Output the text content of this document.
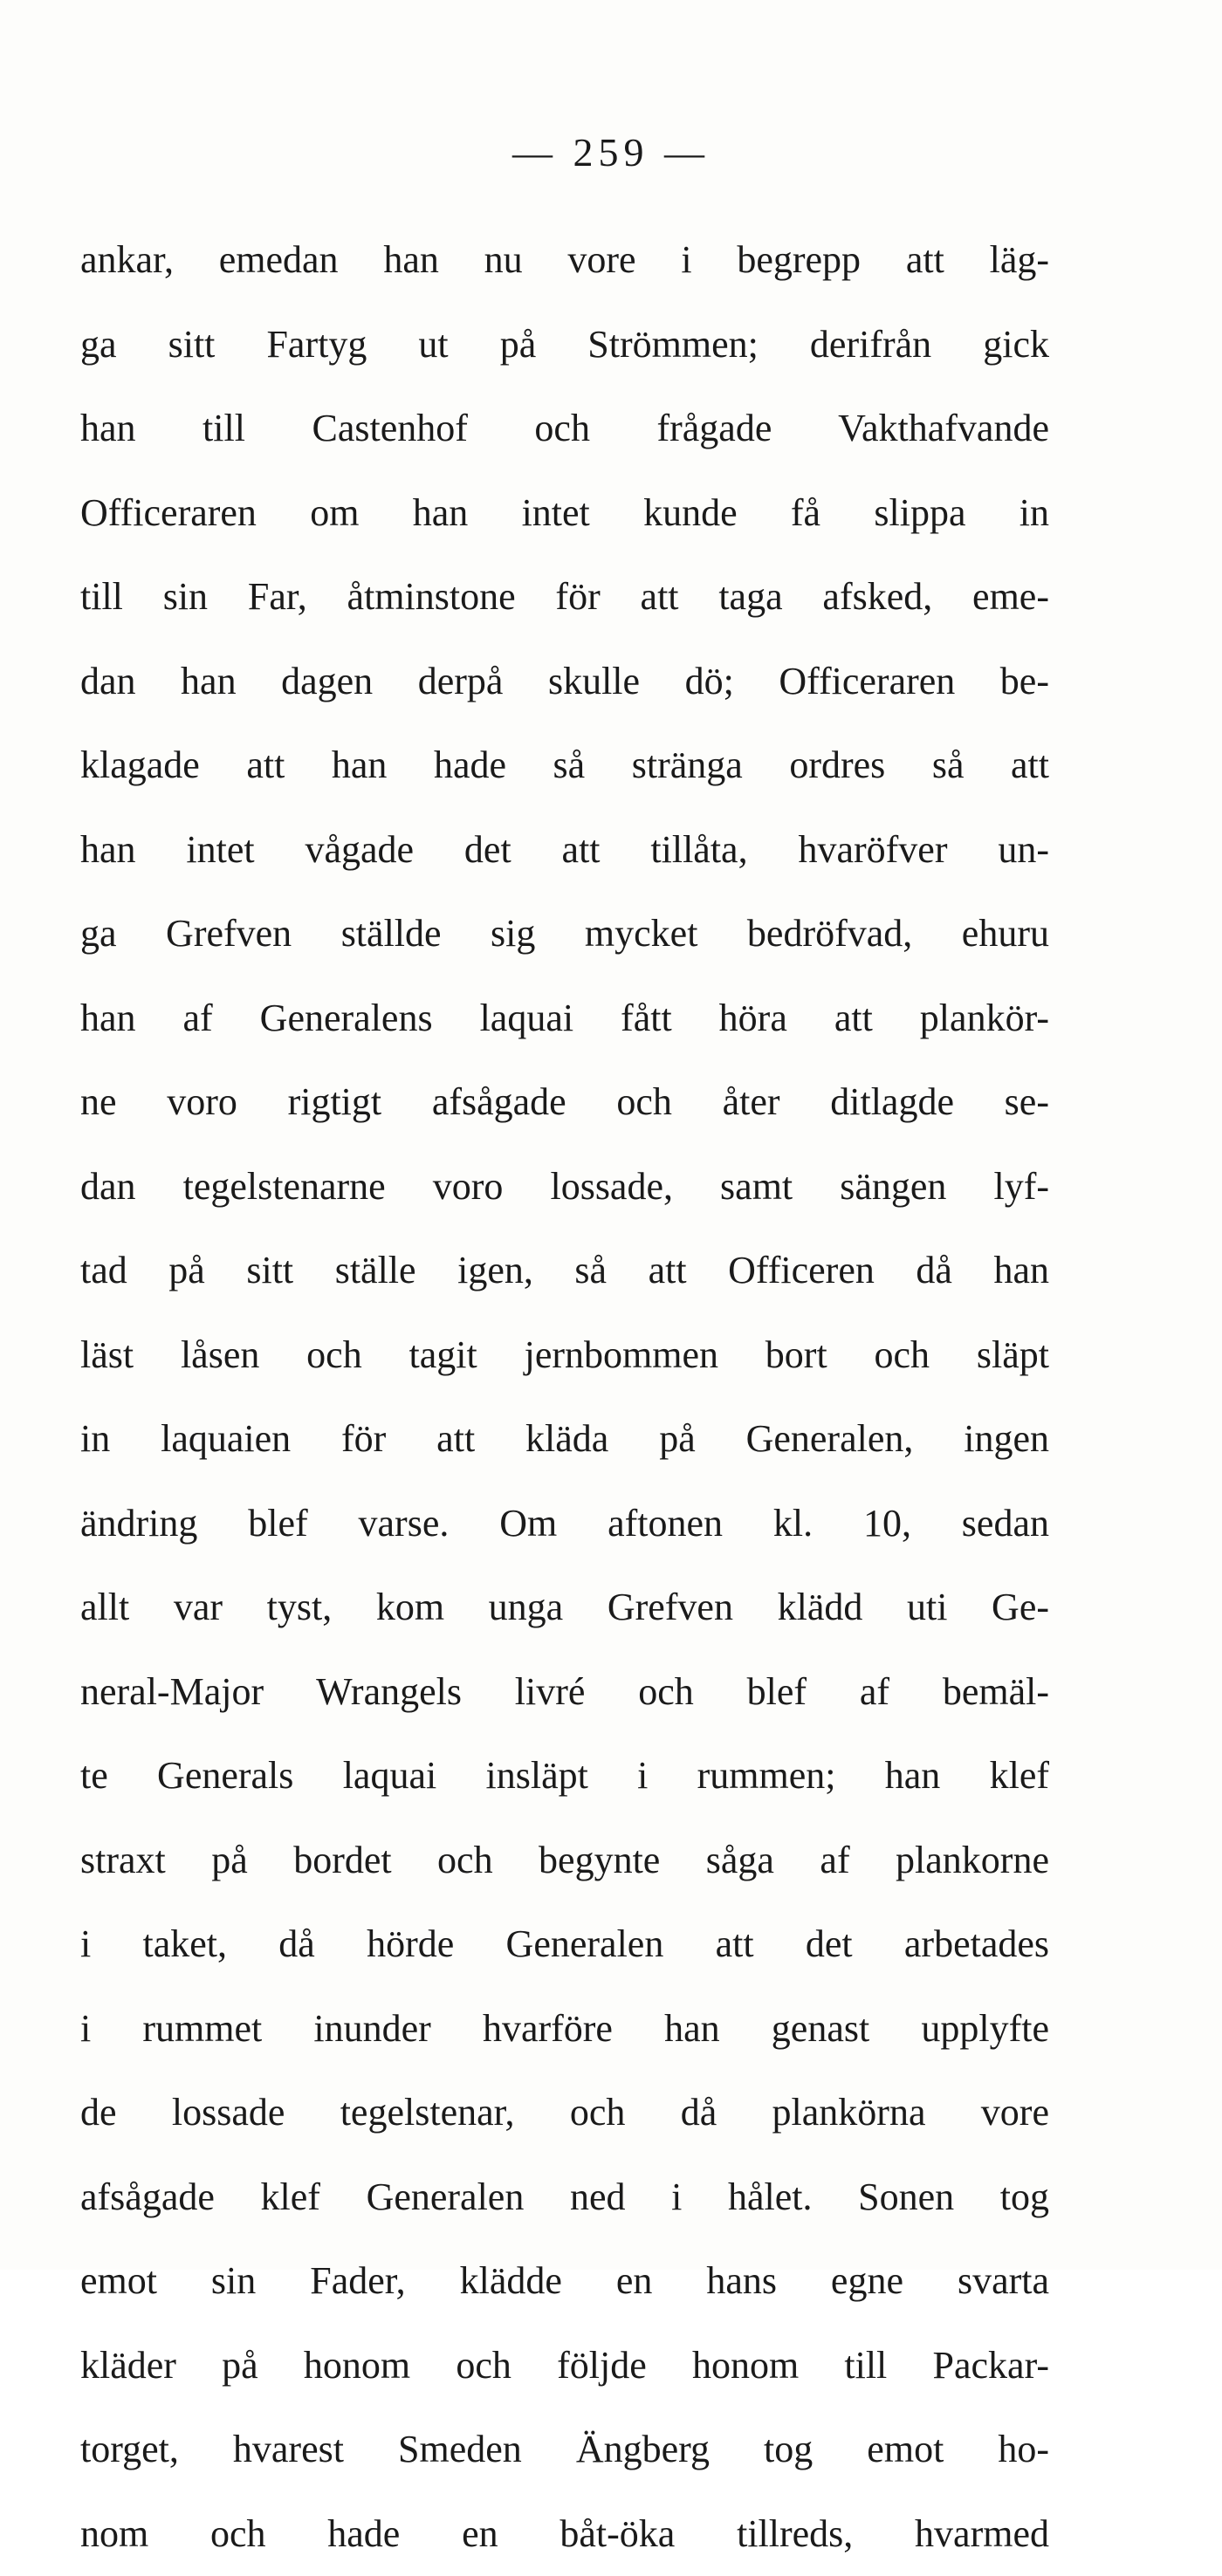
— 259 —
ankar, emedan han nu vore i begrepp att läg-
ga sitt Fartyg ut på Strömmen; derifrån gick
han till Castenhof och frågade Vakthafvande
Officeraren om han intet kunde få slippa in
till sin Far, åtminstone för att taga afsked, eme-
dan han dagen derpå skulle dö; Officeraren be-
klagade att han hade så stränga ordres så att
han intet vågade det att tillåta, hvaröfver un-
ga Grefven ställde sig mycket bedröfvad, ehuru
han af Generalens laquai fått höra att plankör-
ne voro rigtigt afsågade och åter ditlagde se-
dan tegelstenarne voro lossade, samt sängen lyf-
tad på sitt ställe igen, så att Officeren då han
läst låsen och tagit jernbommen bort och släpt
in laquaien för att kläda på Generalen, ingen
ändring blef varse. Om aftonen kl. 10, sedan
allt var tyst, kom unga Grefven klädd uti Ge-
neral-Major Wrangels livré och blef af bemäl-
te Generals laquai insläpt i rummen; han klef
straxt på bordet och begynte såga af plankorne
i taket, då hörde Generalen att det arbetades
i rummet inunder hvarföre han genast upplyfte
de lossade tegelstenar, och då plankörna vore
afsågade klef Generalen ned i hålet. Sonen tog
emot sin Fader, klädde en hans egne svarta
kläder på honom och följde honom till Packar-
torget, hvarest Smeden Ängberg tog emot ho-
nom och hade en båt-öka tillreds, hvarmed
